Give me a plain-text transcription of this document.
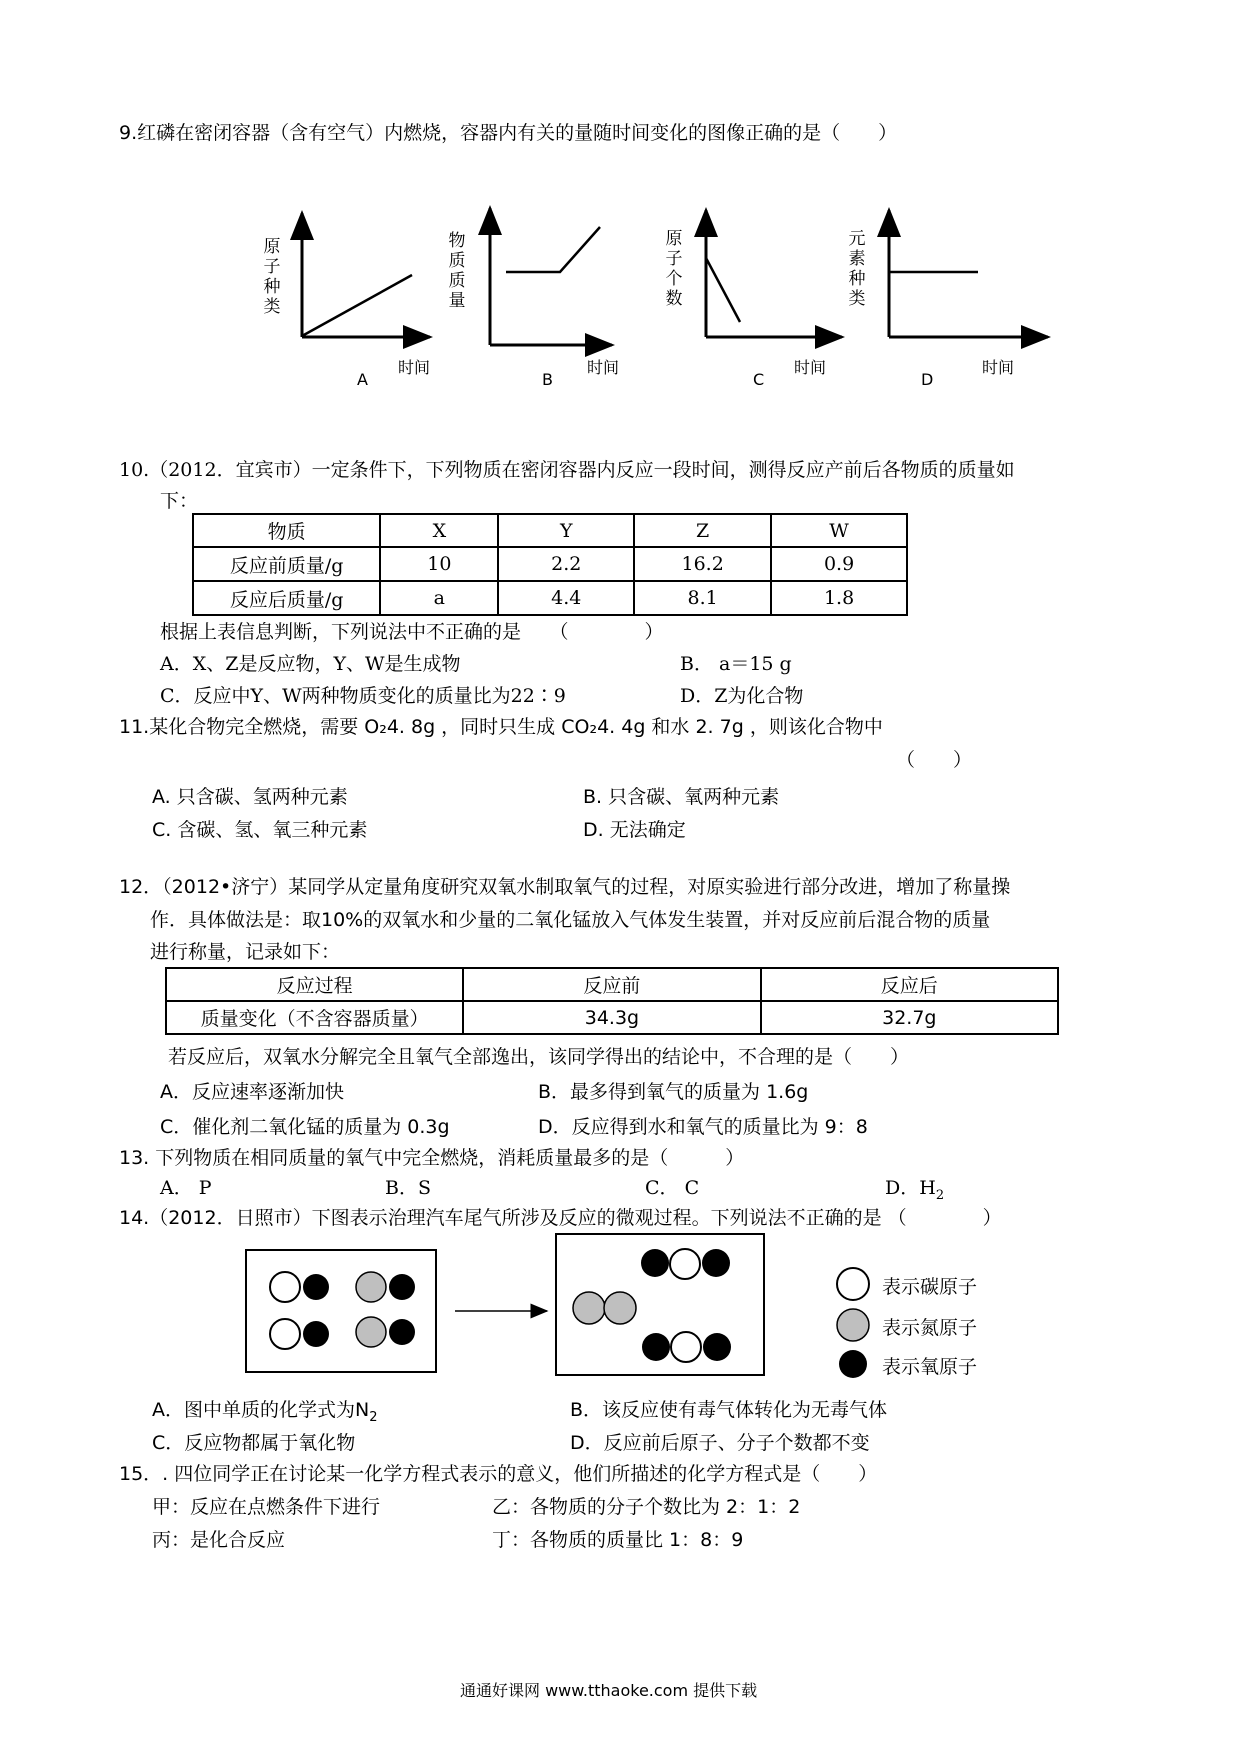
9.红磷在密闭容器（含有空气）内燃烧，容器内有关的量随时间变化的图像正确的是（　　）
原子种类
时间
A
物质质量
时间
B
原子个数
时间
C
元素种类
时间
D
10.（2012．宜宾市）一定条件下，下列物质在密闭容器内反应一段时间，测得反应产前后各物质的质量如
下：
物质	X	Y	Z	W
反应前质量/g	10	2.2	16.2	0.9
反应后质量/g	a	4.4	8.1	1.8
根据上表信息判断，下列说法中不正确的是　　（　　　　）
A．X、Z是反应物，Y、W是生成物	B． a＝15 g
C．反应中Y、W两种物质变化的质量比为22∶9	D．Z为化合物
11.某化合物完全燃烧，需要 O₂4. 8g ，同时只生成 CO₂4. 4g 和水 2. 7g ，则该化合物中
（　　）
A. 只含碳、氢两种元素	B. 只含碳、氧两种元素
C. 含碳、氢、氧三种元素	D. 无法确定
12．（2012•济宁）某同学从定量角度研究双氧水制取氧气的过程，对原实验进行部分改进，增加了称量操
作．具体做法是：取10%的双氧水和少量的二氧化锰放入气体发生装置，并对反应前后混合物的质量
进行称量，记录如下：
反应过程	反应前	反应后
质量变化（不含容器质量）	34.3g	32.7g
若反应后，双氧水分解完全且氧气全部逸出，该同学得出的结论中，不合理的是（　　）
A．反应速率逐渐加快	B．最多得到氧气的质量为 1.6g
C．催化剂二氧化锰的质量为 0.3g	D．反应得到水和氧气的质量比为 9：8
13. 下列物质在相同质量的氧气中完全燃烧，消耗质量最多的是（　　　）
A． P	B．S	C． C	D．$H_2$
14.（2012．日照市）下图表示治理汽车尾气所涉及反应的微观过程。下列说法不正确的是 （　　　　）
表示碳原子
表示氮原子
表示氧原子
A．图中单质的化学式为$N_2$	B．该反应使有毒气体转化为无毒气体
C．反应物都属于氧化物	D．反应前后原子、分子个数都不变
15．. 四位同学正在讨论某一化学方程式表示的意义，他们所描述的化学方程式是（　　）
甲：反应在点燃条件下进行	乙：各物质的分子个数比为 2：1：2
丙：是化合反应	丁：各物质的质量比 1：8：9
通通好课网 www.tthaoke.com 提供下载
